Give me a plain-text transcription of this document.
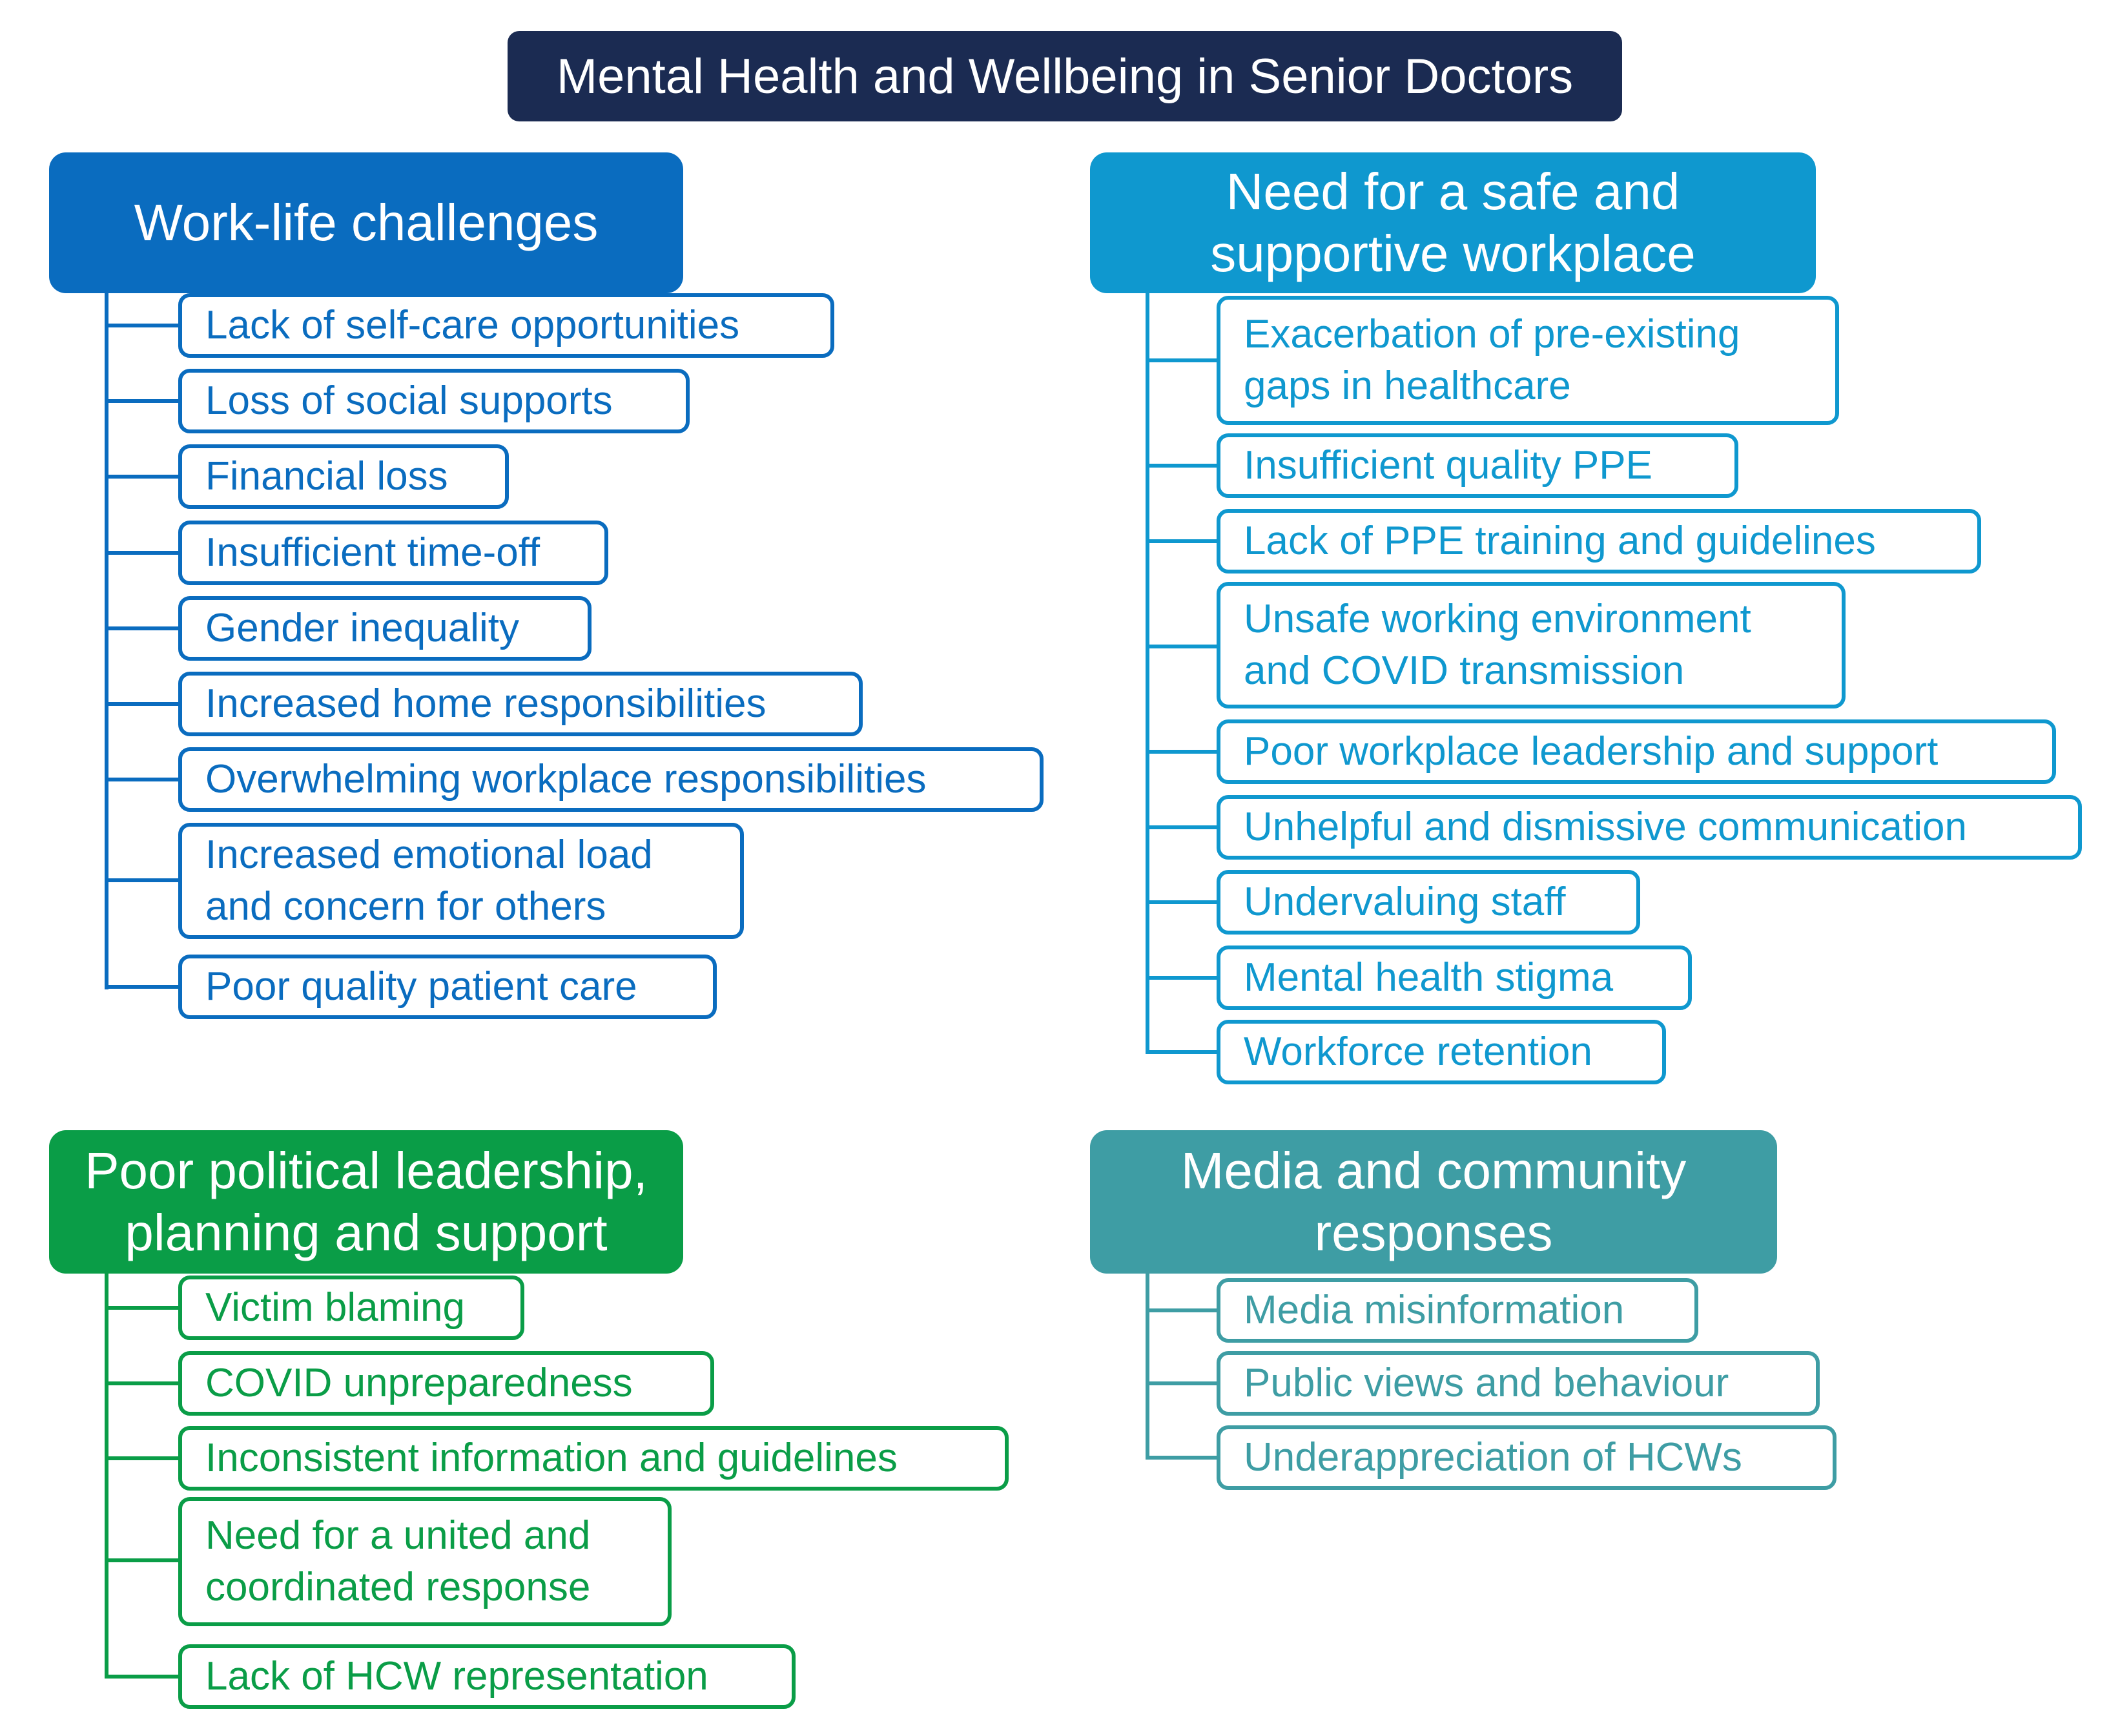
Mental Health and Wellbeing in Senior Doctors
Work-life challenges
Lack of self-care opportunities
Loss of social supports
Financial loss
Insufficient time-off
Gender inequality
Increased home responsibilities
Overwhelming workplace responsibilities
Increased emotional load
and concern for others
Poor quality patient care
Need for a safe and
supportive workplace
Exacerbation of pre-existing
gaps in healthcare
Insufficient quality PPE
Lack of PPE training and guidelines
Unsafe working environment
and COVID transmission
Poor workplace leadership and support
Unhelpful and dismissive communication
Undervaluing staff
Mental health stigma
Workforce retention
Poor political leadership,
planning and support
Victim blaming
COVID unpreparedness
Inconsistent information and guidelines
Need for a united and
coordinated response
Lack of HCW representation
Media and community
responses
Media misinformation
Public views and behaviour
Underappreciation of HCWs
